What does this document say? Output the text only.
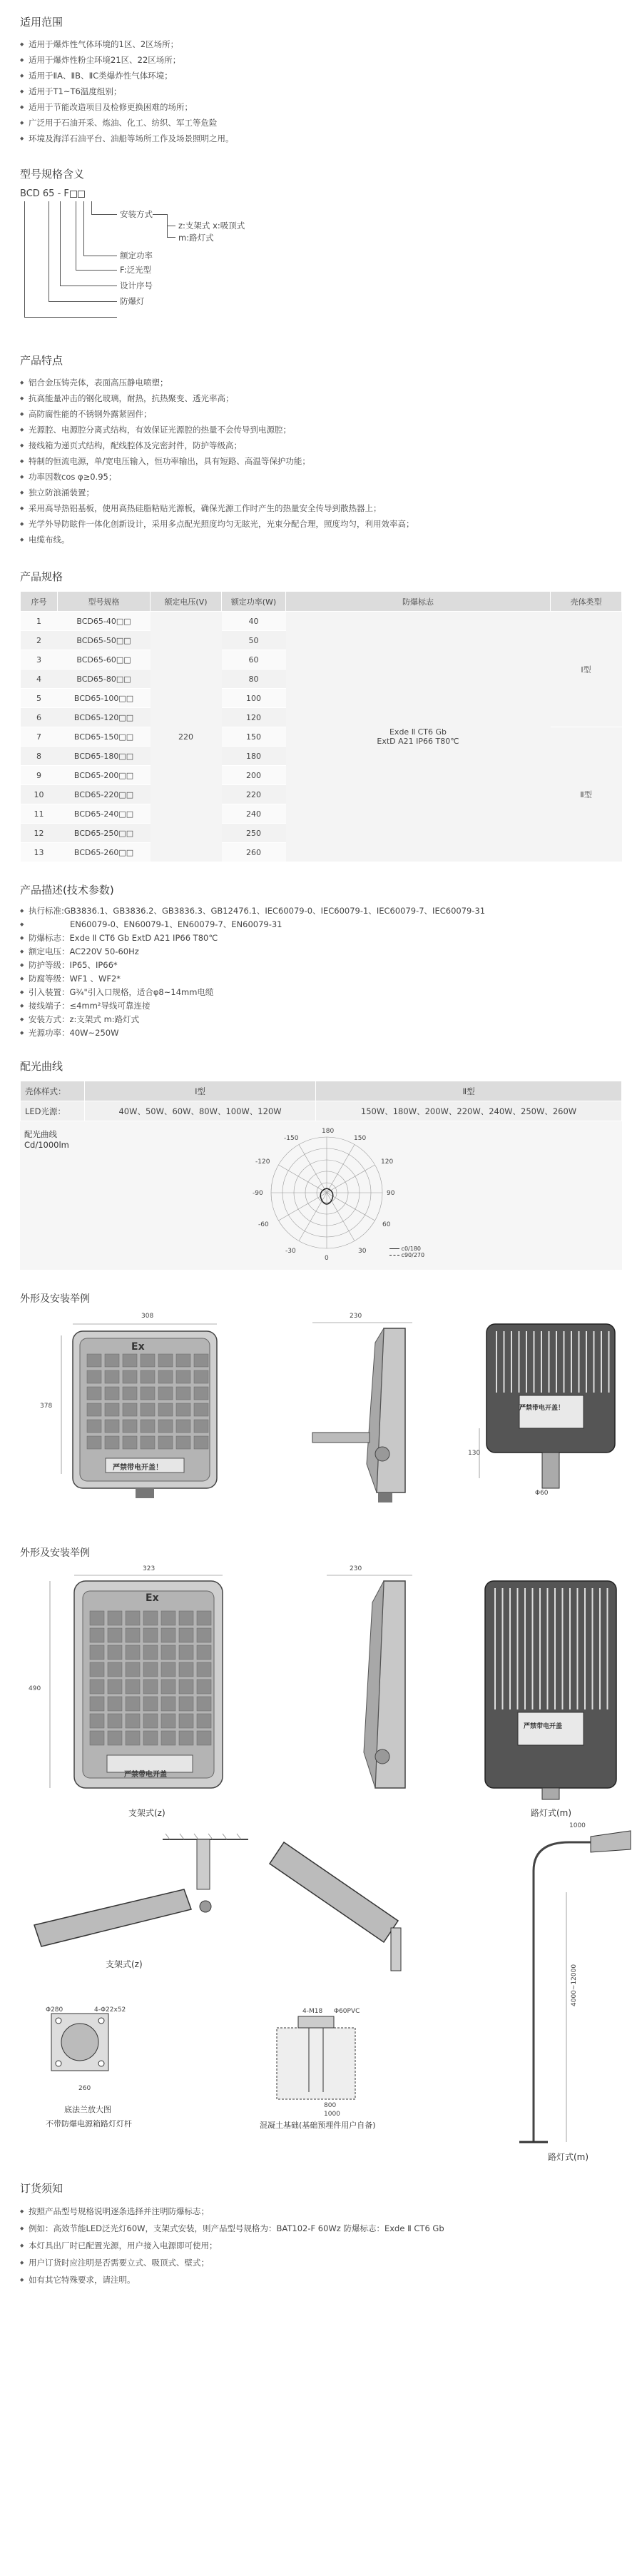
适用范围
◆ 适用于爆炸性气体环境的1区、2区场所；
◆ 适用于爆炸性粉尘环境21区、22区场所；
◆ 适用于ⅡA、ⅡB、ⅡC类爆炸性气体环境；
◆ 适用于T1~T6温度组别；
◆ 适用于节能改造项目及检修更换困难的场所；
◆ 广泛用于石油开采、炼油、化工、纺织、军工等危险
◆ 环境及海洋石油平台、油船等场所工作及场景照明之用。
型号规格含义
BCD 65 - F
安装方式
z:支架式 x:吸顶式
m:路灯式
额定功率
F:泛光型
设计序号
防爆灯
产品特点
◆ 铝合金压铸壳体，表面高压静电喷塑；
◆ 抗高能量冲击的钢化玻璃，耐热，抗热聚变、透光率高；
◆ 高防腐性能的不锈钢外露紧固件；
◆ 光源腔、电源腔分离式结构，有效保证光源腔的热量不会传导到电源腔；
◆ 接线箱为递页式结构，配线腔体及完密封件，防护等级高；
◆ 特制的恒流电源，单/宽电压输入，恒功率输出，具有短路、高温等保护功能；
◆ 功率因数cos φ≥0.95；
◆ 独立防浪涌装置；
◆ 采用高导热铝基板，使用高热硅脂粘贴光源板，确保光源工作时产生的热量安全传导到散热器上；
◆ 光学外导防眩件一体化创新设计，采用多点配光照度均匀无眩光，光束分配合理，照度均匀，利用效率高；
◆ 电缆布线。
产品规格
序号	型号规格	额定电压(V)	额定功率(W)	防爆标志	壳体类型
1	BCD65-40□□	220	40	Exde Ⅱ CT6 Gb
ExtD A21 IP66 T80℃	Ⅰ型
2	BCD65-50□□		50		
3	BCD65-60□□		60		
4	BCD65-80□□		80		
5	BCD65-100□□		100		
6	BCD65-120□□		120		
7	BCD65-150□□		150		Ⅱ型
8	BCD65-180□□		180		
9	BCD65-200□□		200		
10	BCD65-220□□		220		
11	BCD65-240□□		240		
12	BCD65-250□□		250		
13	BCD65-260□□		260		
产品描述(技术参数)
◆ 执行标准:GB3836.1、GB3836.2、GB3836.3、GB12476.1、IEC60079-0、IEC60079-1、IEC60079-7、IEC60079-31
◆ EN60079-0、EN60079-1、EN60079-7、EN60079-31
◆ 防爆标志：Exde Ⅱ CT6 Gb ExtD A21 IP66 T80℃
◆ 额定电压：AC220V 50-60Hz
◆ 防护等级：IP65、IP66*
◆ 防腐等级：WF1 、WF2*
◆ 引入装置：G¾"引入口规格，适合φ8~14mm电缆
◆ 接线端子：≤4mm²导线可靠连接
◆ 安装方式：z:支架式 m:路灯式
◆ 光源功率：40W~250W
配光曲线
壳体样式：	Ⅰ型	Ⅱ型
LED光源：	40W、50W、60W、80W、100W、120W	150W、180W、200W、220W、240W、250W、260W
配光曲线
Cd/1000lm
180
150
120
90
60
30
0
-30
-60
-90
-120
-150
c0/180
c90/270
外形及安装举例
308
378
Ex
严禁带电开盖！
230
严禁带电开盖！
130
Φ60
外形及安装举例
323
490
Ex
严禁带电开盖
支架式(z)
230
严禁带电开盖
路灯式(m)
支架式(z)
1000
4000~12000
路灯式(m)
Φ280	4-Φ22x52
260
底法兰放大图
不带防爆电源箱路灯灯杆
4-M18 Φ60PVC
800
1000
混凝土基础(基础预埋件用户自备)
订货须知
◆ 按照产品型号规格说明逐条选择并注明防爆标志；
◆ 例如：高效节能LED泛光灯60W，支架式安装，则产品型号规格为：BAT102-F 60Wz 防爆标志：Exde Ⅱ CT6 Gb
◆ 本灯具出厂时已配置光源，用户接入电源即可使用；
◆ 用户订货时应注明是否需要立式、吸顶式、壁式；
◆ 如有其它特殊要求，请注明。
